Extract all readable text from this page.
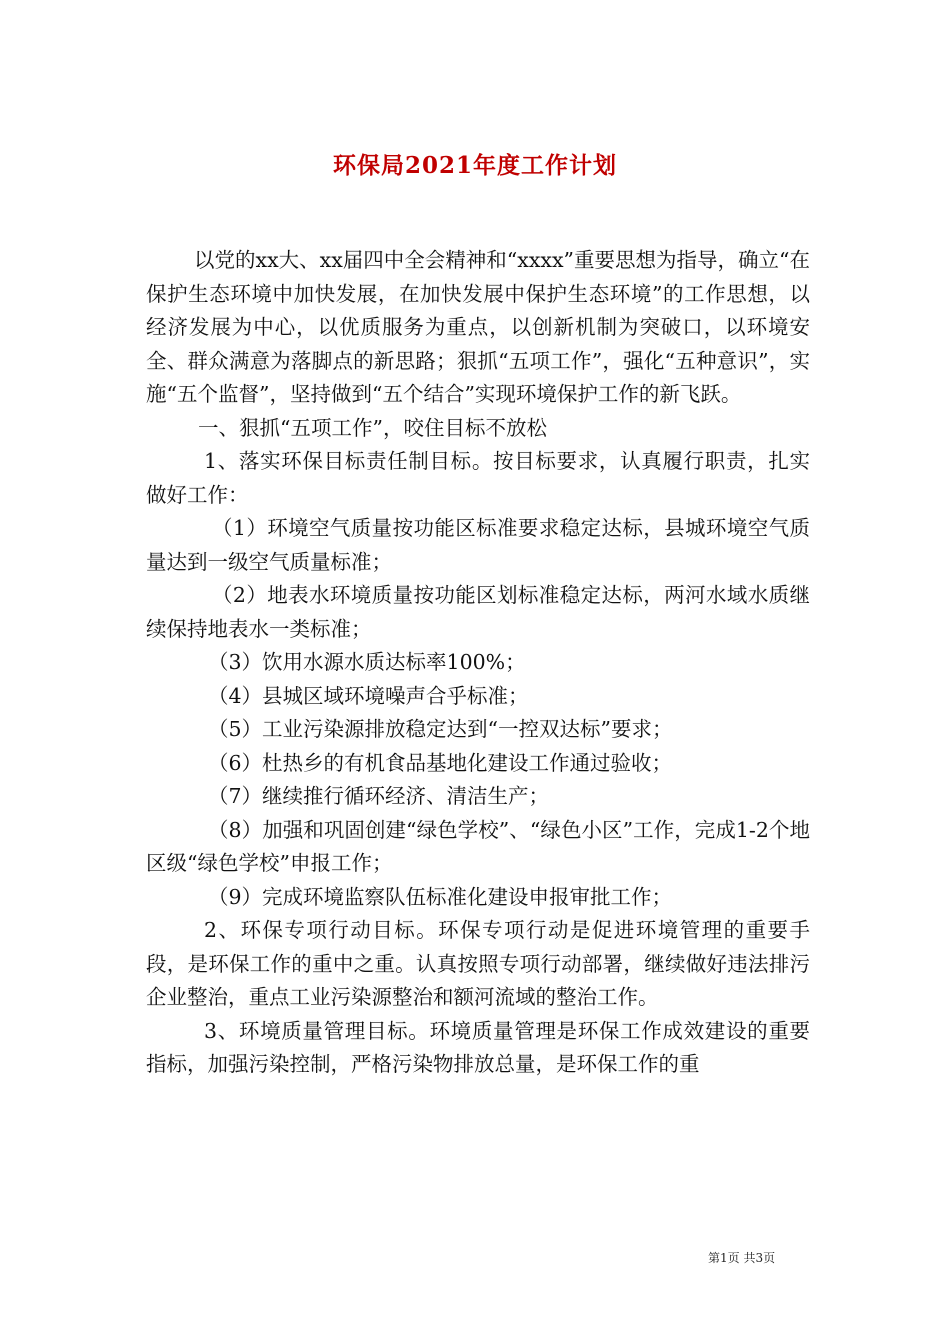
环保局2021年度工作计划

以党的xx大、xx届四中全会精神和“xxxx”重要思想为指导，确立“在保护生态环境中加快发展，在加快发展中保护生态环境”的工作思想，以经济发展为中心，以优质服务为重点，以创新机制为突破口，以环境安全、群众满意为落脚点的新思路；狠抓“五项工作”，强化“五种意识”，实施“五个监督”，坚持做到“五个结合”实现环境保护工作的新飞跃。

一、狠抓“五项工作”，咬住目标不放松

1、落实环保目标责任制目标。按目标要求，认真履行职责，扎实做好工作：

（1）环境空气质量按功能区标准要求稳定达标，县城环境空气质量达到一级空气质量标准；

（2）地表水环境质量按功能区划标准稳定达标，两河水域水质继续保持地表水一类标准；

（3）饮用水源水质达标率100%；

（4）县城区域环境噪声合乎标准；

（5）工业污染源排放稳定达到“一控双达标”要求；

（6）杜热乡的有机食品基地化建设工作通过验收；

（7）继续推行循环经济、清洁生产；

（8）加强和巩固创建“绿色学校”、“绿色小区”工作，完成1-2个地区级“绿色学校”申报工作；

（9）完成环境监察队伍标准化建设申报审批工作；

2、环保专项行动目标。环保专项行动是促进环境管理的重要手段，是环保工作的重中之重。认真按照专项行动部署，继续做好违法排污企业整治，重点工业污染源整治和额河流域的整治工作。

3、环境质量管理目标。环境质量管理是环保工作成效建设的重要指标，加强污染控制，严格污染物排放总量，是环保工作的重

第1页 共3页
